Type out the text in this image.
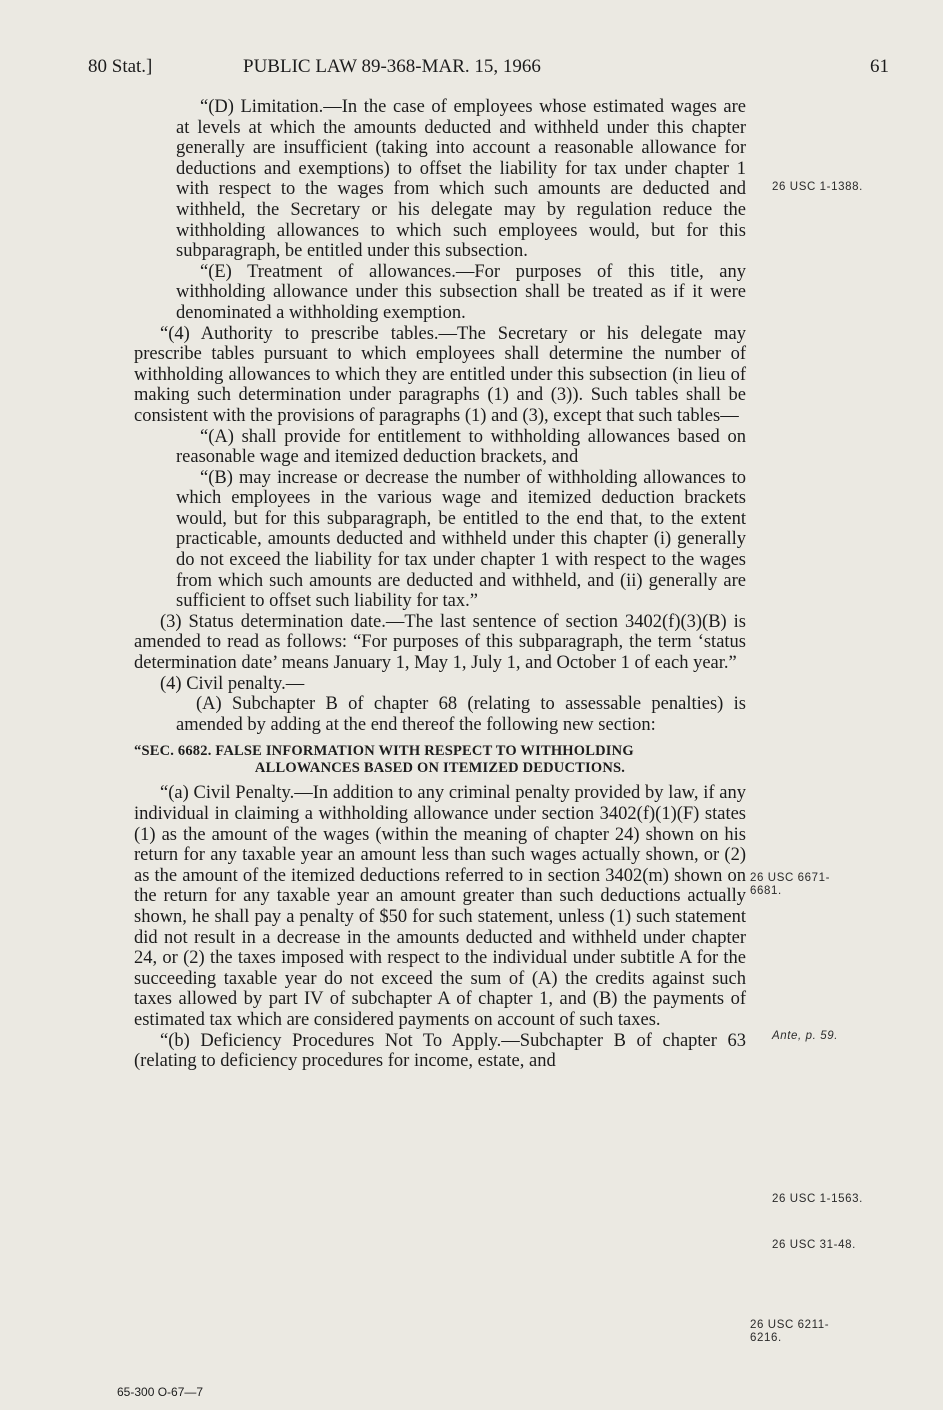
80 Stat.]	PUBLIC LAW 89-368-MAR. 15, 1966	61

“(D) Limitation.—In the case of employees whose estimated wages are at levels at which the amounts deducted and withheld under this chapter generally are insufficient (taking into account a reasonable allowance for deductions and exemptions) to offset the liability for tax under chapter 1 with respect to the wages from which such amounts are deducted and withheld, the Secretary or his delegate may by regulation reduce the withholding allowances to which such employees would, but for this subparagraph, be entitled under this subsection.

“(E) Treatment of allowances.—For purposes of this title, any withholding allowance under this subsection shall be treated as if it were denominated a withholding exemption.

“(4) Authority to prescribe tables.—The Secretary or his delegate may prescribe tables pursuant to which employees shall determine the number of withholding allowances to which they are entitled under this subsection (in lieu of making such determination under paragraphs (1) and (3)). Such tables shall be consistent with the provisions of paragraphs (1) and (3), except that such tables—

“(A) shall provide for entitlement to withholding allowances based on reasonable wage and itemized deduction brackets, and

“(B) may increase or decrease the number of withholding allowances to which employees in the various wage and itemized deduction brackets would, but for this subparagraph, be entitled to the end that, to the extent practicable, amounts deducted and withheld under this chapter (i) generally do not exceed the liability for tax under chapter 1 with respect to the wages from which such amounts are deducted and withheld, and (ii) generally are sufficient to offset such liability for tax.”

(3) Status determination date.—The last sentence of section 3402(f)(3)(B) is amended to read as follows: “For purposes of this subparagraph, the term ‘status determination date’ means January 1, May 1, July 1, and October 1 of each year.”

(4) Civil penalty.—

(A) Subchapter B of chapter 68 (relating to assessable penalties) is amended by adding at the end thereof the following new section:

“SEC. 6682. FALSE INFORMATION WITH RESPECT TO WITHHOLDING
ALLOWANCES BASED ON ITEMIZED DEDUCTIONS.

“(a) Civil Penalty.—In addition to any criminal penalty provided by law, if any individual in claiming a withholding allowance under section 3402(f)(1)(F) states (1) as the amount of the wages (within the meaning of chapter 24) shown on his return for any taxable year an amount less than such wages actually shown, or (2) as the amount of the itemized deductions referred to in section 3402(m) shown on the return for any taxable year an amount greater than such deductions actually shown, he shall pay a penalty of $50 for such statement, unless (1) such statement did not result in a decrease in the amounts deducted and withheld under chapter 24, or (2) the taxes imposed with respect to the individual under subtitle A for the succeeding taxable year do not exceed the sum of (A) the credits against such taxes allowed by part IV of subchapter A of chapter 1, and (B) the payments of estimated tax which are considered payments on account of such taxes.

“(b) Deficiency Procedures Not To Apply.—Subchapter B of chapter 63 (relating to deficiency procedures for income, estate, and

26 USC 1-1388.
26 USC 6671-
6681.
Ante, p. 59.
26 USC 1-1563.
26 USC 31-48.
26 USC 6211-
6216.
65-300 O-67—7
